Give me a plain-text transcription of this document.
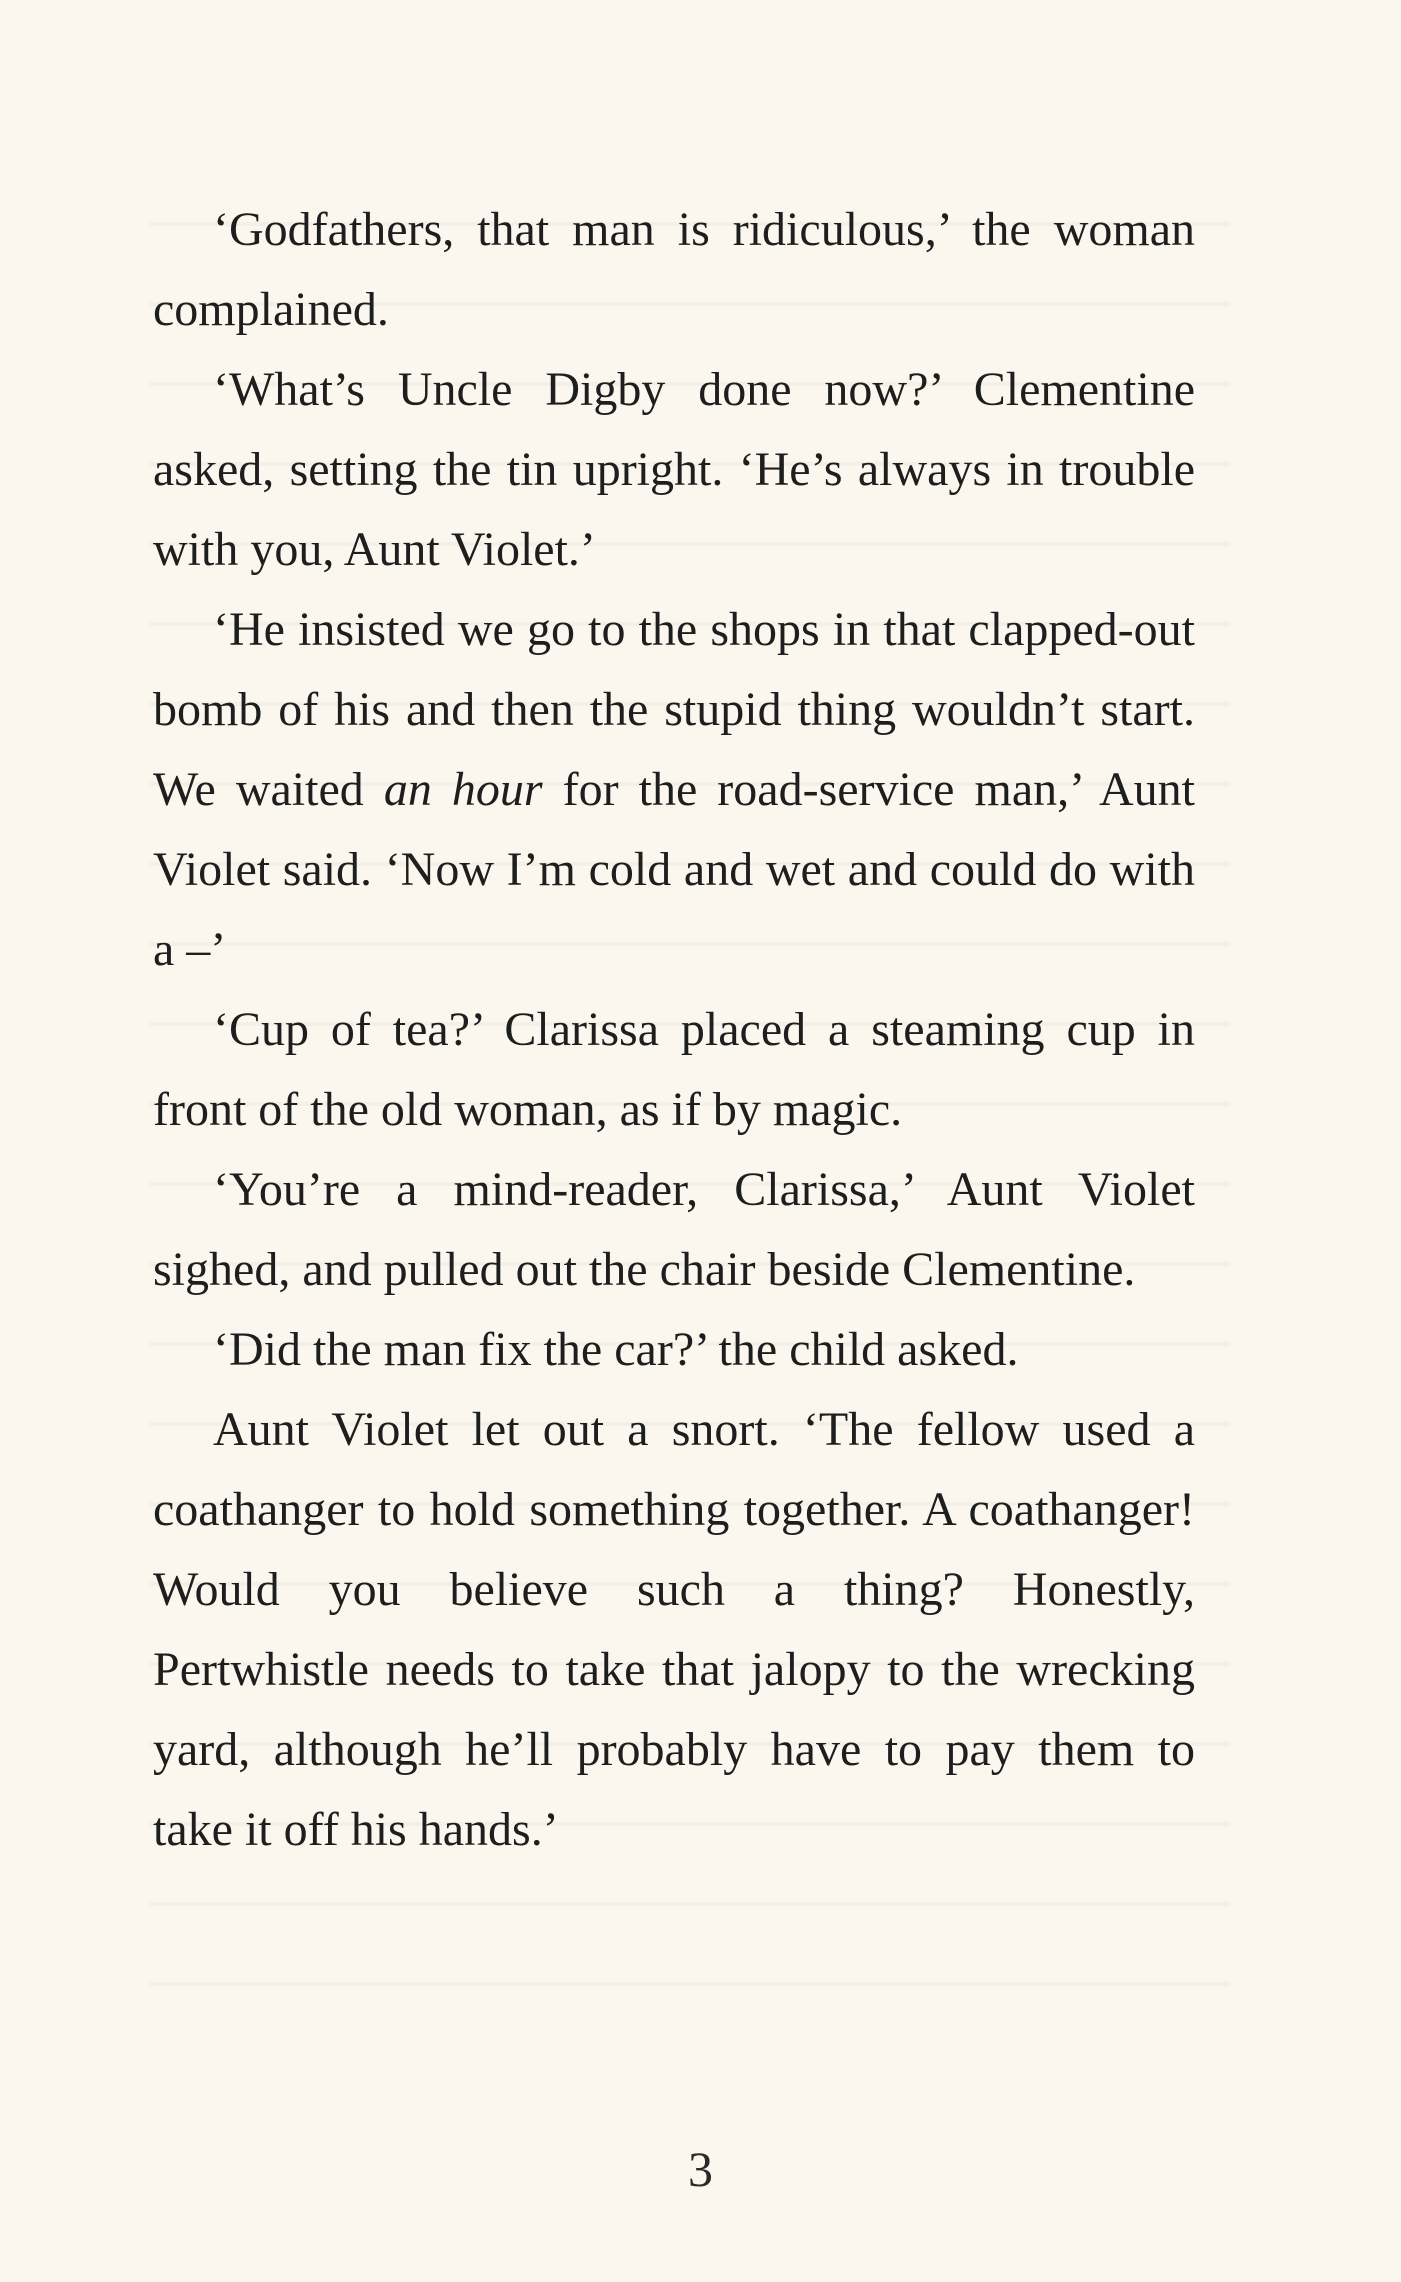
‘Godfathers, that man is ridiculous,’ the woman complained.

‘What’s Uncle Digby done now?’ Clementine asked, setting the tin upright. ‘He’s always in trouble with you, Aunt Violet.’

‘He insisted we go to the shops in that clapped-out bomb of his and then the stupid thing wouldn’t start. We waited an hour for the road-service man,’ Aunt Violet said. ‘Now I’m cold and wet and could do with a –’

‘Cup of tea?’ Clarissa placed a steaming cup in front of the old woman, as if by magic.

‘You’re a mind-reader, Clarissa,’ Aunt Violet sighed, and pulled out the chair beside Clementine.

‘Did the man fix the car?’ the child asked.

Aunt Violet let out a snort. ‘The fellow used a coathanger to hold something together. A coathanger! Would you believe such a thing? Honestly, Pertwhistle needs to take that jalopy to the wrecking yard, although he’ll probably have to pay them to take it off his hands.’

3
